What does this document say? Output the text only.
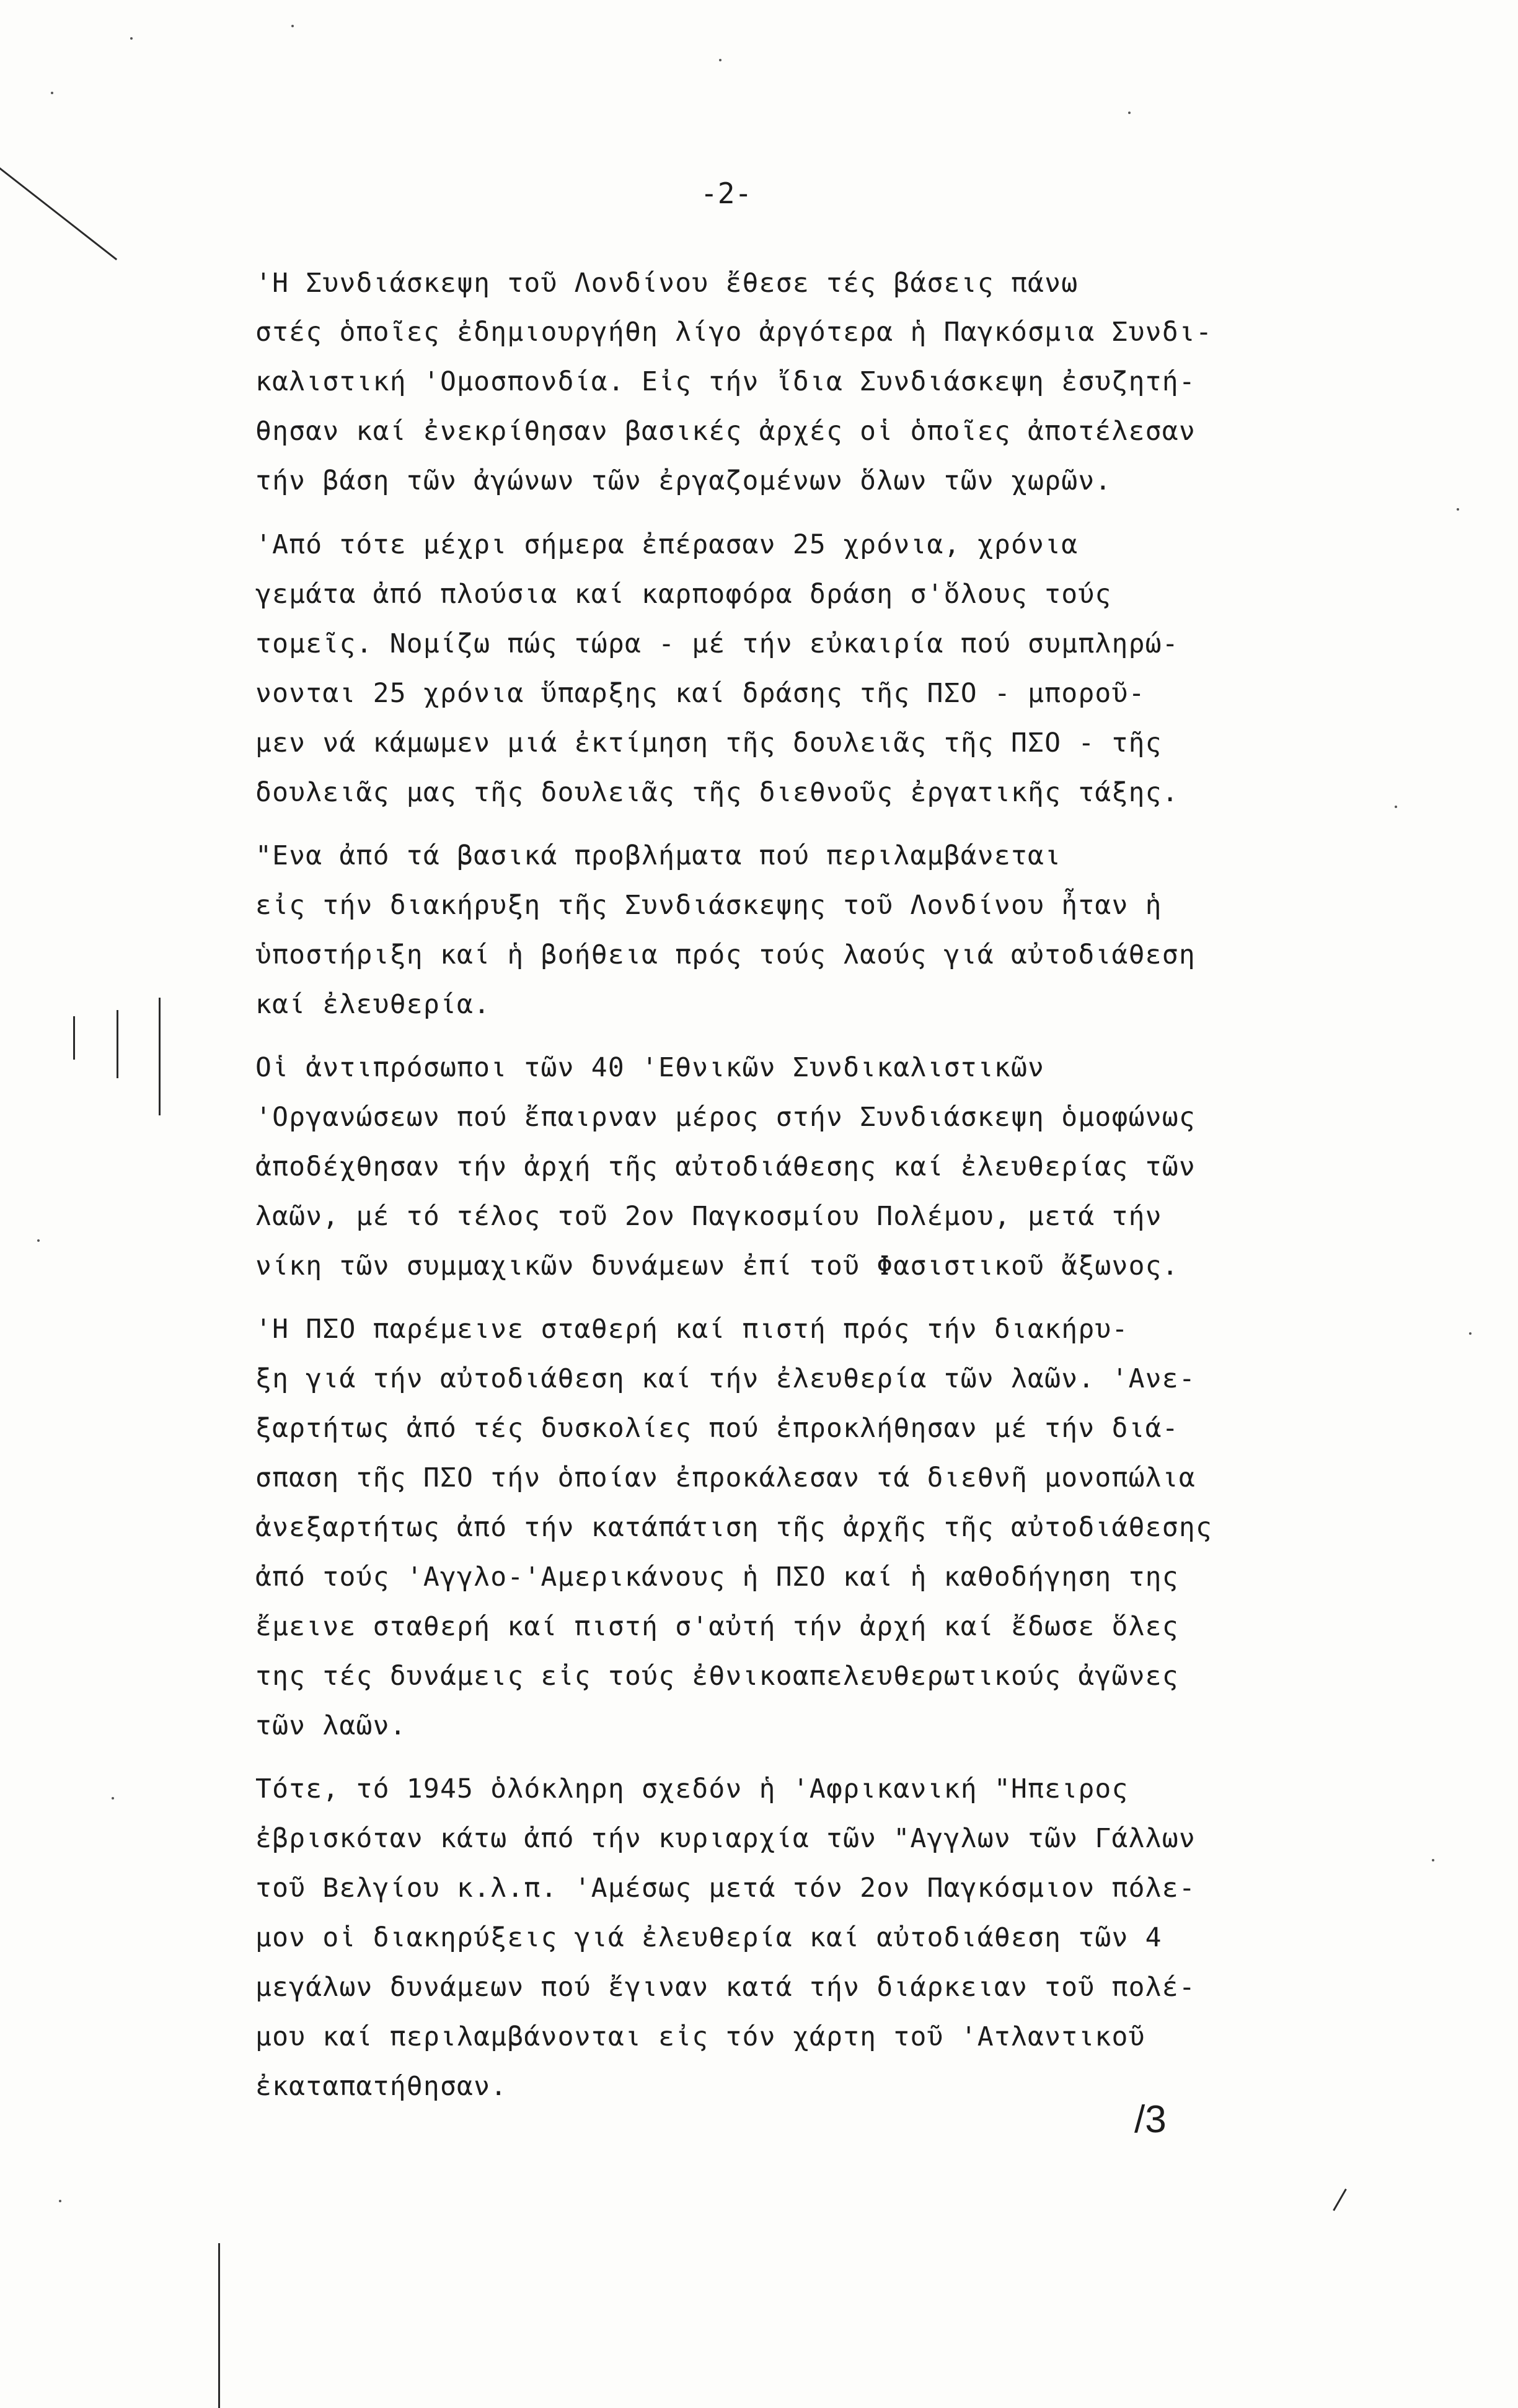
-2-
'Η Συνδιάσκεψη τοῦ Λονδίνου ἔθεσε τές βάσεις πάνω
στές ὁποῖες ἐδημιουργήθη λίγο ἀργότερα ἡ Παγκόσμια Συνδι-
καλιστική 'Ομοσπονδία. Εἰς τήν ἴδια Συνδιάσκεψη ἐσυζητή-
θησαν καί ἐνεκρίθησαν βασικές ἀρχές οἱ ὁποῖες ἀποτέλεσαν
τήν βάση τῶν ἀγώνων τῶν ἐργαζομένων ὅλων τῶν χωρῶν.
'Από τότε μέχρι σήμερα ἐπέρασαν 25 χρόνια, χρόνια
γεμάτα ἀπό πλούσια καί καρποφόρα δράση σ'ὅλους τούς
τομεῖς. Νομίζω πώς τώρα - μέ τήν εὐκαιρία πού συμπληρώ-
νονται 25 χρόνια ὕπαρξης καί δράσης τῆς ΠΣΟ - μποροῦ-
μεν νά κάμωμεν μιά ἐκτίμηση τῆς δουλειᾶς τῆς ΠΣΟ - τῆς
δουλειᾶς μας τῆς δουλειᾶς τῆς διεθνοῦς ἐργατικῆς τάξης.
"Ενα ἀπό τά βασικά προβλήματα πού περιλαμβάνεται
εἰς τήν διακήρυξη τῆς Συνδιάσκεψης τοῦ Λονδίνου ἦταν ἡ
ὑποστήριξη καί ἡ βοήθεια πρός τούς λαούς γιά αὐτοδιάθεση
καί ἐλευθερία.
Οἱ ἀντιπρόσωποι τῶν 40 'Εθνικῶν Συνδικαλιστικῶν
'Οργανώσεων πού ἔπαιρναν μέρος στήν Συνδιάσκεψη ὁμοφώνως
ἀποδέχθησαν τήν ἀρχή τῆς αὐτοδιάθεσης καί ἐλευθερίας τῶν
λαῶν, μέ τό τέλος τοῦ 2ον Παγκοσμίου Πολέμου, μετά τήν
νίκη τῶν συμμαχικῶν δυνάμεων ἐπί τοῦ Φασιστικοῦ ἄξωνος.
'Η ΠΣΟ παρέμεινε σταθερή καί πιστή πρός τήν διακήρυ-
ξη γιά τήν αὐτοδιάθεση καί τήν ἐλευθερία τῶν λαῶν. 'Ανε-
ξαρτήτως ἀπό τές δυσκολίες πού ἐπροκλήθησαν μέ τήν διά-
σπαση τῆς ΠΣΟ τήν ὁποίαν ἐπροκάλεσαν τά διεθνῆ μονοπώλια
ἀνεξαρτήτως ἀπό τήν κατάπάτιση τῆς ἀρχῆς τῆς αὐτοδιάθεσης
ἀπό τούς 'Αγγλο-'Αμερικάνους ἡ ΠΣΟ καί ἡ καθοδήγηση της
ἔμεινε σταθερή καί πιστή σ'αὐτή τήν ἀρχή καί ἔδωσε ὅλες
της τές δυνάμεις εἰς τούς ἐθνικοαπελευθερωτικούς ἀγῶνες
τῶν λαῶν.
Τότε, τό 1945 ὁλόκληρη σχεδόν ἡ 'Αφρικανική "Ηπειρος
ἐβρισκόταν κάτω ἀπό τήν κυριαρχία τῶν "Αγγλων τῶν Γάλλων
τοῦ Βελγίου κ.λ.π. 'Αμέσως μετά τόν 2ον Παγκόσμιον πόλε-
μον οἱ διακηρύξεις γιά ἐλευθερία καί αὐτοδιάθεση τῶν 4
μεγάλων δυνάμεων πού ἔγιναν κατά τήν διάρκειαν τοῦ πολέ-
μου καί περιλαμβάνονται εἰς τόν χάρτη τοῦ 'Ατλαντικοῦ
ἐκαταπατήθησαν.
/3
